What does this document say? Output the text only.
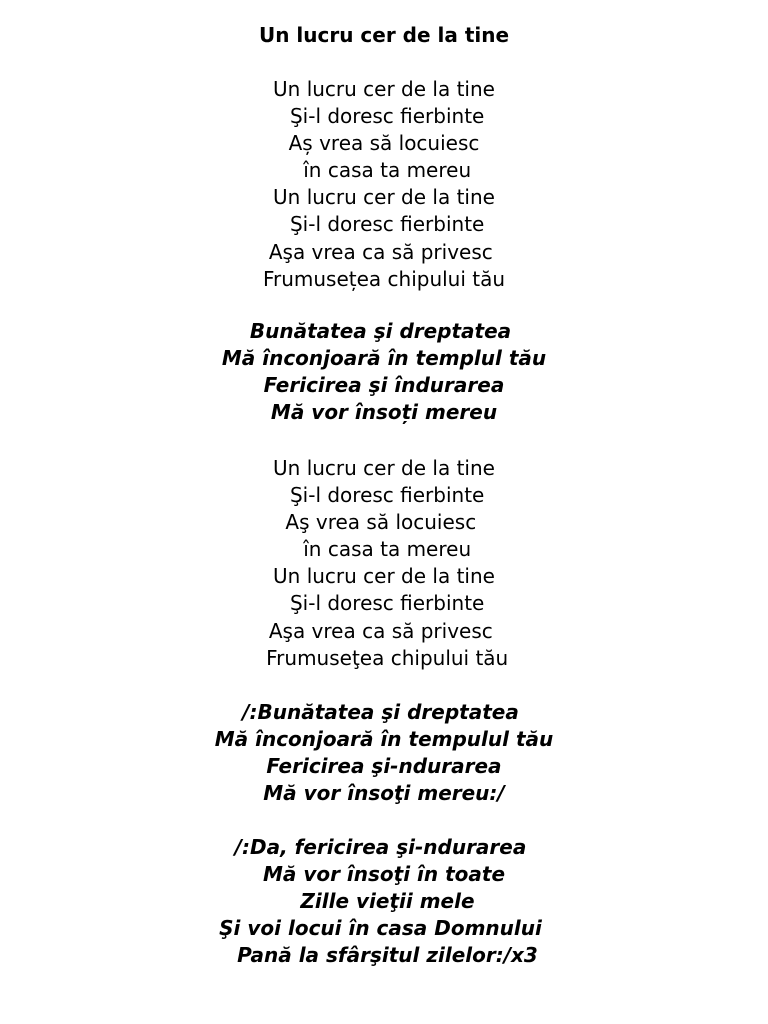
Un lucru cer de la tine
Un lucru cer de la tine
Şi-l doresc fierbinte
Aș vrea să locuiesc
în casa ta mereu
Un lucru cer de la tine
Şi-l doresc fierbinte
Aşa vrea ca să privesc
Frumusețea chipului tău
Bunătatea şi dreptatea
Mă înconjoară în templul tău
Fericirea şi îndurarea
Mă vor însoți mereu
Un lucru cer de la tine
Şi-l doresc fierbinte
Aş vrea să locuiesc
în casa ta mereu
Un lucru cer de la tine
Şi-l doresc fierbinte
Aşa vrea ca să privesc
Frumuseţea chipului tău
/:Bunătatea şi dreptatea
Mă înconjoară în tempulul tău
Fericirea şi-ndurarea
Mă vor însoţi mereu:/
/:Da, fericirea şi-ndurarea
Mă vor însoţi în toate
Zille vieţii mele
Şi voi locui în casa Domnului
Pană la sfârşitul zilelor:/x3
